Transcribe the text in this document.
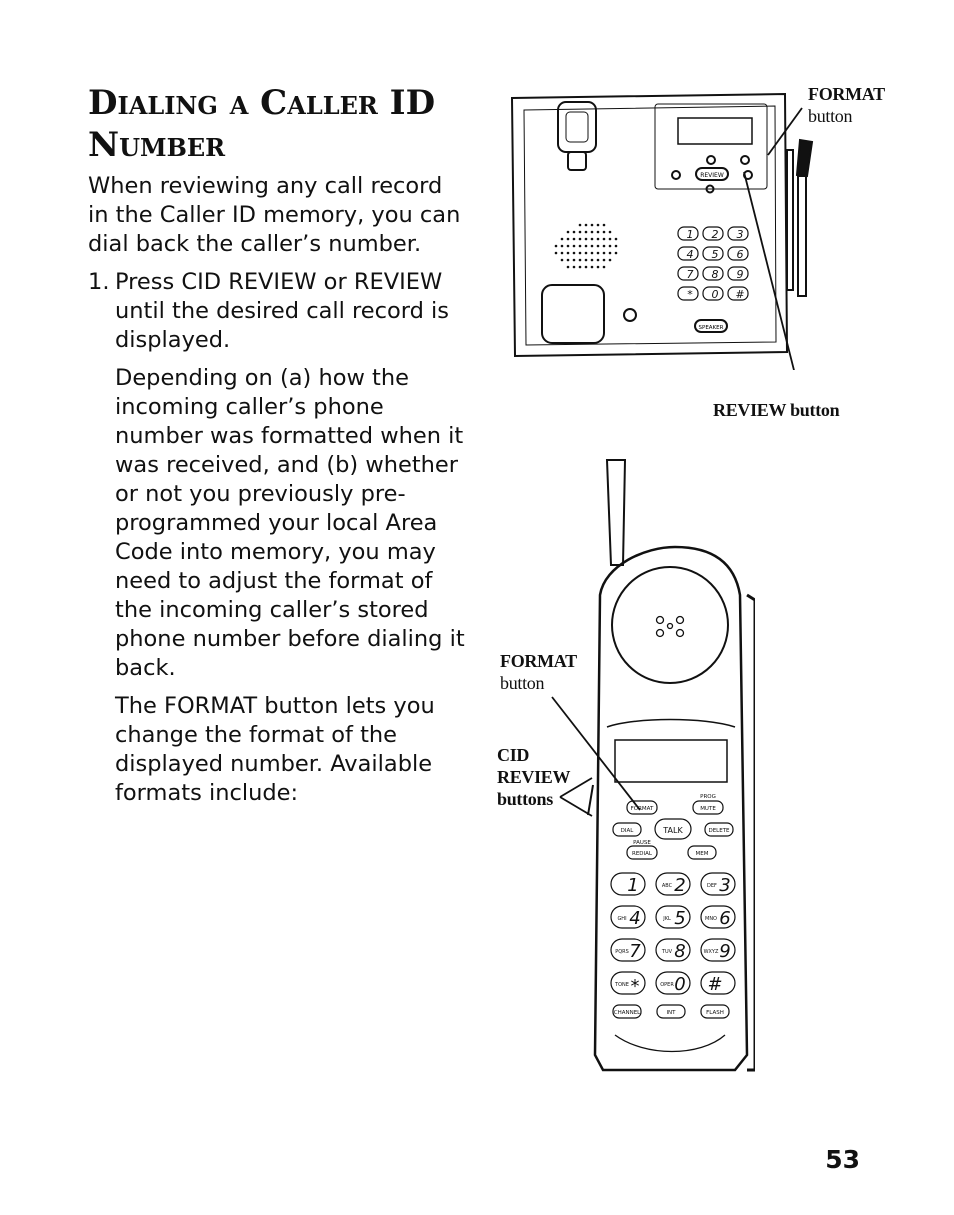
Dialing a Caller ID
Number

When reviewing any call record in the Caller ID memory, you can dial back the caller’s number.

1. Press CID REVIEW or REVIEW until the desired call record is displayed.

Depending on (a) how the incoming caller’s phone number was formatted when it was received, and (b) whether or not you previously pre-programmed your local Area Code into memory, you may need to adjust the format of the incoming caller’s stored phone number before dialing it back.

The FORMAT button lets you change the format of the displayed number. Available formats include:

REVIEW
1 2 3
4 5 6
7 8 9
* 0 #
SPEAKER
FORMAT
PROG
MUTE
DIAL	TALK	DELETE
PAUSE
REDIAL	MEM
CHANNEL	INT	FLASH
1 2 3
4 5 6
7 8 9
* 0 #
ABC	DEF
GHI	JKL	MNO
PQRS	TUV	WXYZ
TONE	OPER
FORMAT
button
REVIEW button
FORMAT
button
CID
REVIEW
buttons
53
